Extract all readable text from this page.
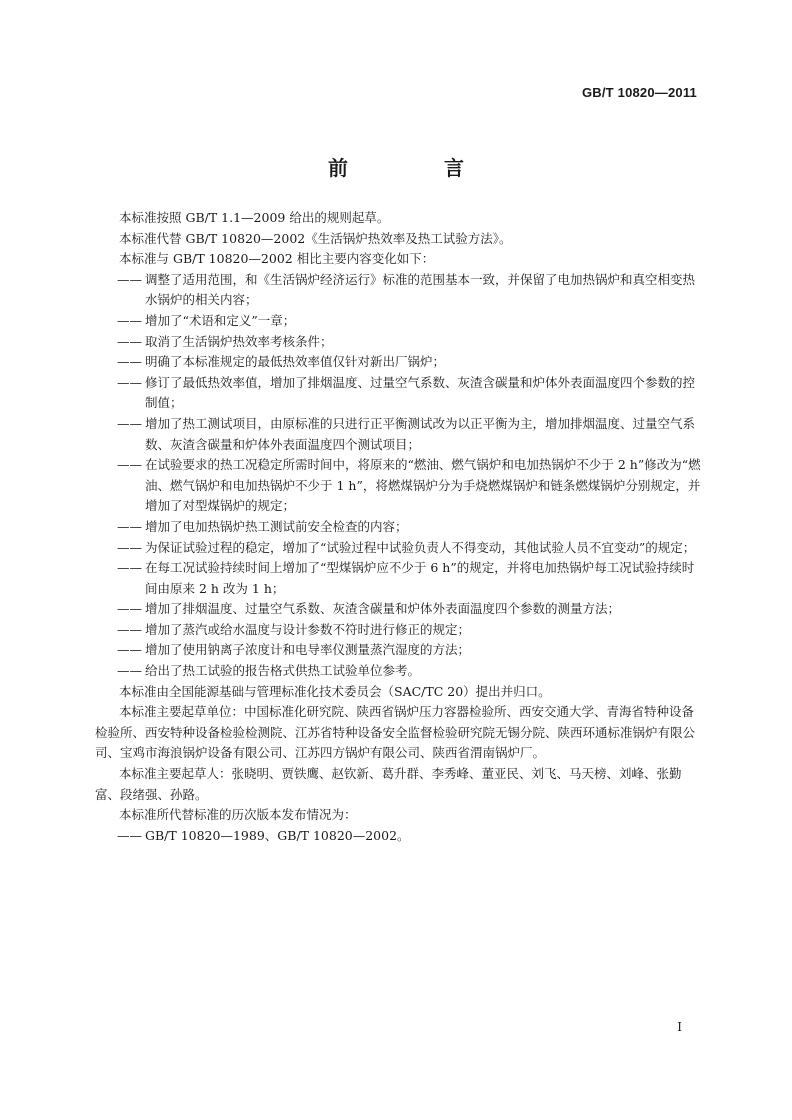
GB/T 10820—2011
前　言

本标准按照 GB/T 1.1—2009 给出的规则起草。

本标准代替 GB/T 10820—2002《生活锅炉热效率及热工试验方法》。

本标准与 GB/T 10820—2002 相比主要内容变化如下：

—— 调整了适用范围，和《生活锅炉经济运行》标准的范围基本一致，并保留了电加热锅炉和真空相变热水锅炉的相关内容；
—— 增加了“术语和定义”一章；
—— 取消了生活锅炉热效率考核条件；
—— 明确了本标准规定的最低热效率值仅针对新出厂锅炉；
—— 修订了最低热效率值，增加了排烟温度、过量空气系数、灰渣含碳量和炉体外表面温度四个参数的控制值；
—— 增加了热工测试项目，由原标准的只进行正平衡测试改为以正平衡为主，增加排烟温度、过量空气系数、灰渣含碳量和炉体外表面温度四个测试项目；
—— 在试验要求的热工况稳定所需时间中，将原来的“燃油、燃气锅炉和电加热锅炉不少于 2 h”修改为“燃油、燃气锅炉和电加热锅炉不少于 1 h”，将燃煤锅炉分为手烧燃煤锅炉和链条燃煤锅炉分别规定，并增加了对型煤锅炉的规定；
—— 增加了电加热锅炉热工测试前安全检查的内容；
—— 为保证试验过程的稳定，增加了“试验过程中试验负责人不得变动，其他试验人员不宜变动”的规定；
—— 在每工况试验持续时间上增加了“型煤锅炉应不少于 6 h”的规定，并将电加热锅炉每工况试验持续时间由原来 2 h 改为 1 h；
—— 增加了排烟温度、过量空气系数、灰渣含碳量和炉体外表面温度四个参数的测量方法；
—— 增加了蒸汽或给水温度与设计参数不符时进行修正的规定；
—— 增加了使用钠离子浓度计和电导率仪测量蒸汽湿度的方法；
—— 给出了热工试验的报告格式供热工试验单位参考。

本标准由全国能源基础与管理标准化技术委员会（SAC/TC 20）提出并归口。

本标准主要起草单位：中国标准化研究院、陕西省锅炉压力容器检验所、西安交通大学、青海省特种设备检验所、西安特种设备检验检测院、江苏省特种设备安全监督检验研究院无锡分院、陕西环通标准锅炉有限公司、宝鸡市海浪锅炉设备有限公司、江苏四方锅炉有限公司、陕西省渭南锅炉厂。

本标准主要起草人：张晓明、贾铁鹰、赵钦新、葛升群、李秀峰、董亚民、刘飞、马天榜、刘峰、张勤富、段绪强、孙路。

本标准所代替标准的历次版本发布情况为：

—— GB/T 10820—1989、GB/T 10820—2002。
I
